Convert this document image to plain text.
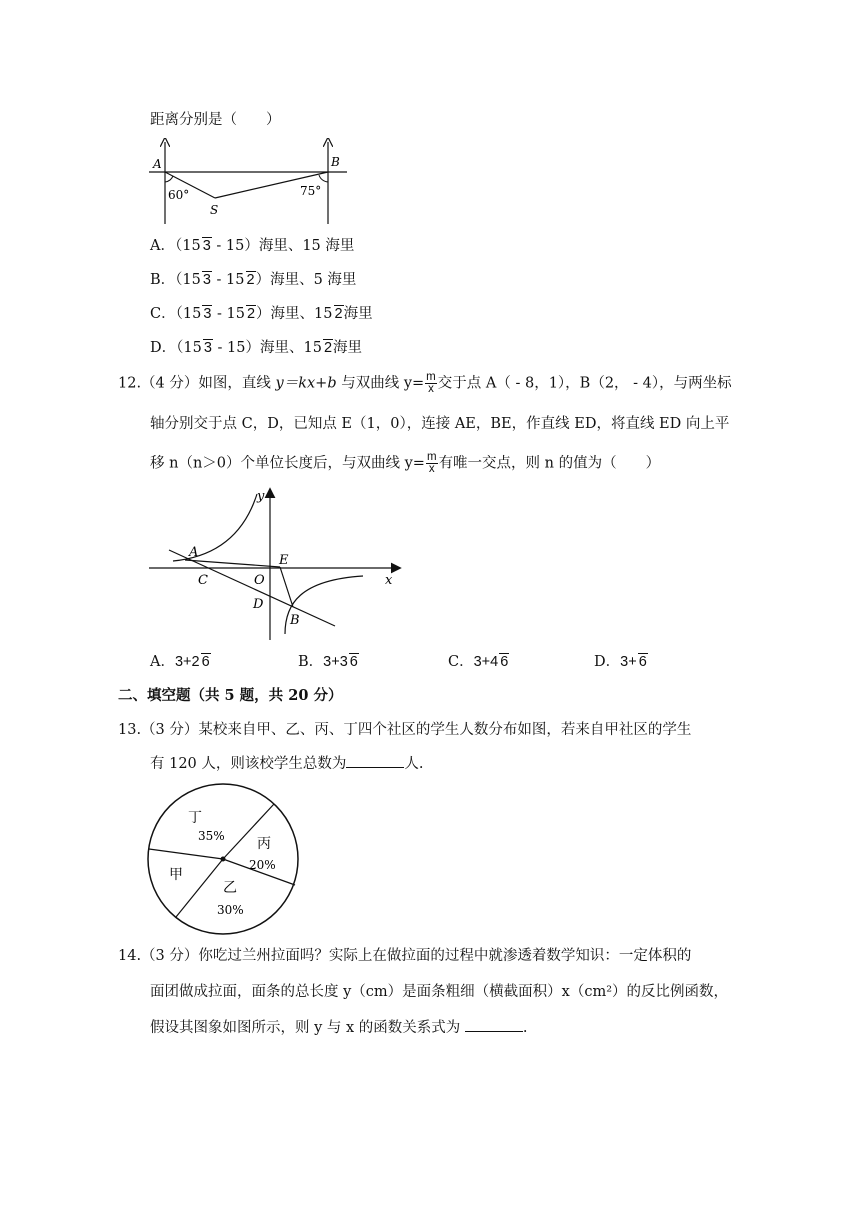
距离分别是（　　）
A	B
S
60°	75°
A．（15 3 - 15）海里、15 海里
B．（15 3 - 15 2）海里、5 海里
C．（15 3 - 15 2）海里、15 2海里
D．（15 3 - 15）海里、15 2海里
12.（4 分）如图，直线 y＝kx+b 与双曲线 $y= \frac{m}{x}$ 交于点 A（ - 8，1），B（2， - 4），与两坐标
轴分别交于点 C，D，已知点 E（1，0），连接 AE，BE，作直线 ED，将直线 ED 向上平
移 n（n＞0）个单位长度后，与双曲线 $y= \frac{m}{x}$ 有唯一交点，则 n 的值为（　　）
y
x
A
E
C	O
D
B
A．3+2 6	B．3+3 6	C．3+4 6	D．3+ 6
二、填空题（共 5 题，共 20 分）
13.（3 分）某校来自甲、乙、丙、丁四个社区的学生人数分布如图，若来自甲社区的学生
有 120 人，则该校学生总数为	人.
丁
35% 丙
20%
乙
30%
甲
14.（3 分）你吃过兰州拉面吗？实际上在做拉面的过程中就渗透着数学知识：一定体积的
面团做成拉面，面条的总长度 y（cm）是面条粗细（横截面积）x（cm²）的反比例函数，
假设其图象如图所示，则 y 与 x 的函数关系式为	.
